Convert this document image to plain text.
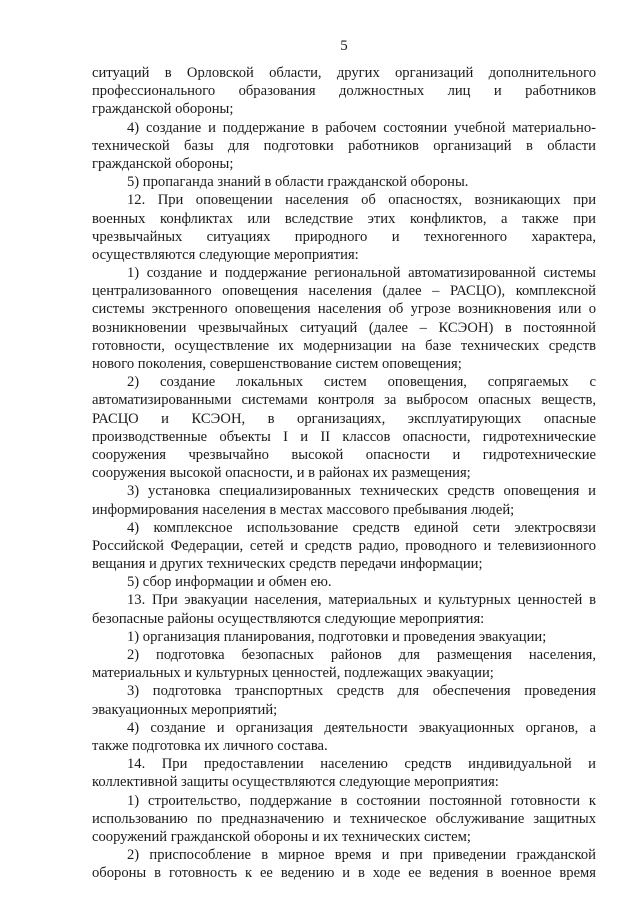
5
ситуаций в Орловской области, других организаций дополнительного
профессионального образования должностных лиц и работников
гражданской обороны;
4) создание и поддержание в рабочем состоянии учебной материально-
технической базы для подготовки работников организаций в области
гражданской обороны;
5) пропаганда знаний в области гражданской обороны.
12. При оповещении населения об опасностях, возникающих при
военных конфликтах или вследствие этих конфликтов, а также при
чрезвычайных ситуациях природного и техногенного характера,
осуществляются следующие мероприятия:
1) создание и поддержание региональной автоматизированной системы
централизованного оповещения населения (далее – РАСЦО), комплексной
системы экстренного оповещения населения об угрозе возникновения или о
возникновении чрезвычайных ситуаций (далее – КСЭОН) в постоянной
готовности, осуществление их модернизации на базе технических средств
нового поколения, совершенствование систем оповещения;
2) создание локальных систем оповещения, сопрягаемых с
автоматизированными системами контроля за выбросом опасных веществ,
РАСЦО и КСЭОН, в организациях, эксплуатирующих опасные
производственные объекты I и II классов опасности, гидротехнические
сооружения чрезвычайно высокой опасности и гидротехнические
сооружения высокой опасности, и в районах их размещения;
3) установка специализированных технических средств оповещения и
информирования населения в местах массового пребывания людей;
4) комплексное использование средств единой сети электросвязи
Российской Федерации, сетей и средств радио, проводного и телевизионного
вещания и других технических средств передачи информации;
5) сбор информации и обмен ею.
13. При эвакуации населения, материальных и культурных ценностей в
безопасные районы осуществляются следующие мероприятия:
1) организация планирования, подготовки и проведения эвакуации;
2) подготовка безопасных районов для размещения населения,
материальных и культурных ценностей, подлежащих эвакуации;
3) подготовка транспортных средств для обеспечения проведения
эвакуационных мероприятий;
4) создание и организация деятельности эвакуационных органов, а
также подготовка их личного состава.
14. При предоставлении населению средств индивидуальной и
коллективной защиты осуществляются следующие мероприятия:
1) строительство, поддержание в состоянии постоянной готовности к
использованию по предназначению и техническое обслуживание защитных
сооружений гражданской обороны и их технических систем;
2) приспособление в мирное время и при приведении гражданской
обороны в готовность к ее ведению и в ходе ее ведения в военное время
